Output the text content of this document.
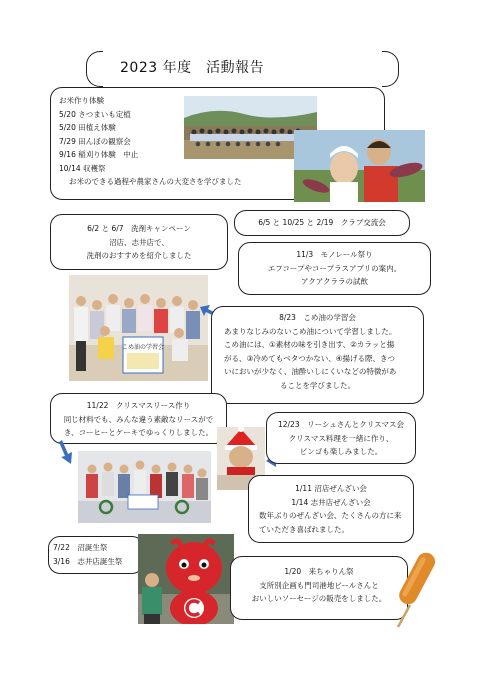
2023 年度　活動報告
お米作り体験
5/20 さつまいも定植
5/20 田植え体験
7/29 田んぼの観察会
9/16 稲刈り体験　中止
10/14 収穫祭
お米のできる過程や農家さんの大変さを学びました
6/2 と 6/7　洗剤キャンペーン
沼店、志井店で、
洗剤のおすすめを紹介しました
6/5 と 10/25 と 2/19　クラブ交流会
11/3　モノレール祭り
エフコープやコープラスアプリの案内。
アクアクララの試飲
こめ油の学習会
8/23　こめ油の学習会
あまりなじみのないこめ油について学習しました。
こめ油には、①素材の味を引き出す、②カラッと揚
がる、③冷めてもベタつかない、④揚げる際、きつ
いにおいが少なく、油酔いしにくいなどの特徴があ
ることを学びました。
11/22　クリスマスリース作り
同じ材料でも、みんな違う素敵なリースがで
き、コーヒーとケーキでゆっくりしました。
12/23　リーシュさんとクリスマス会
クリスマス料理を一緒に作り、
ビンゴも楽しみました。
1/11 沼店ぜんざい会
1/14 志井店ぜんざい会
数年ぶりのぜんざい会、たくさんの方に来
ていただき喜ばれました。
7/22　沼誕生祭
3/16　志井店誕生祭
1/20　来ちゃりん祭
支所別企画も門司港地ビールさんと
おいしいソーセージの販売をしました。
